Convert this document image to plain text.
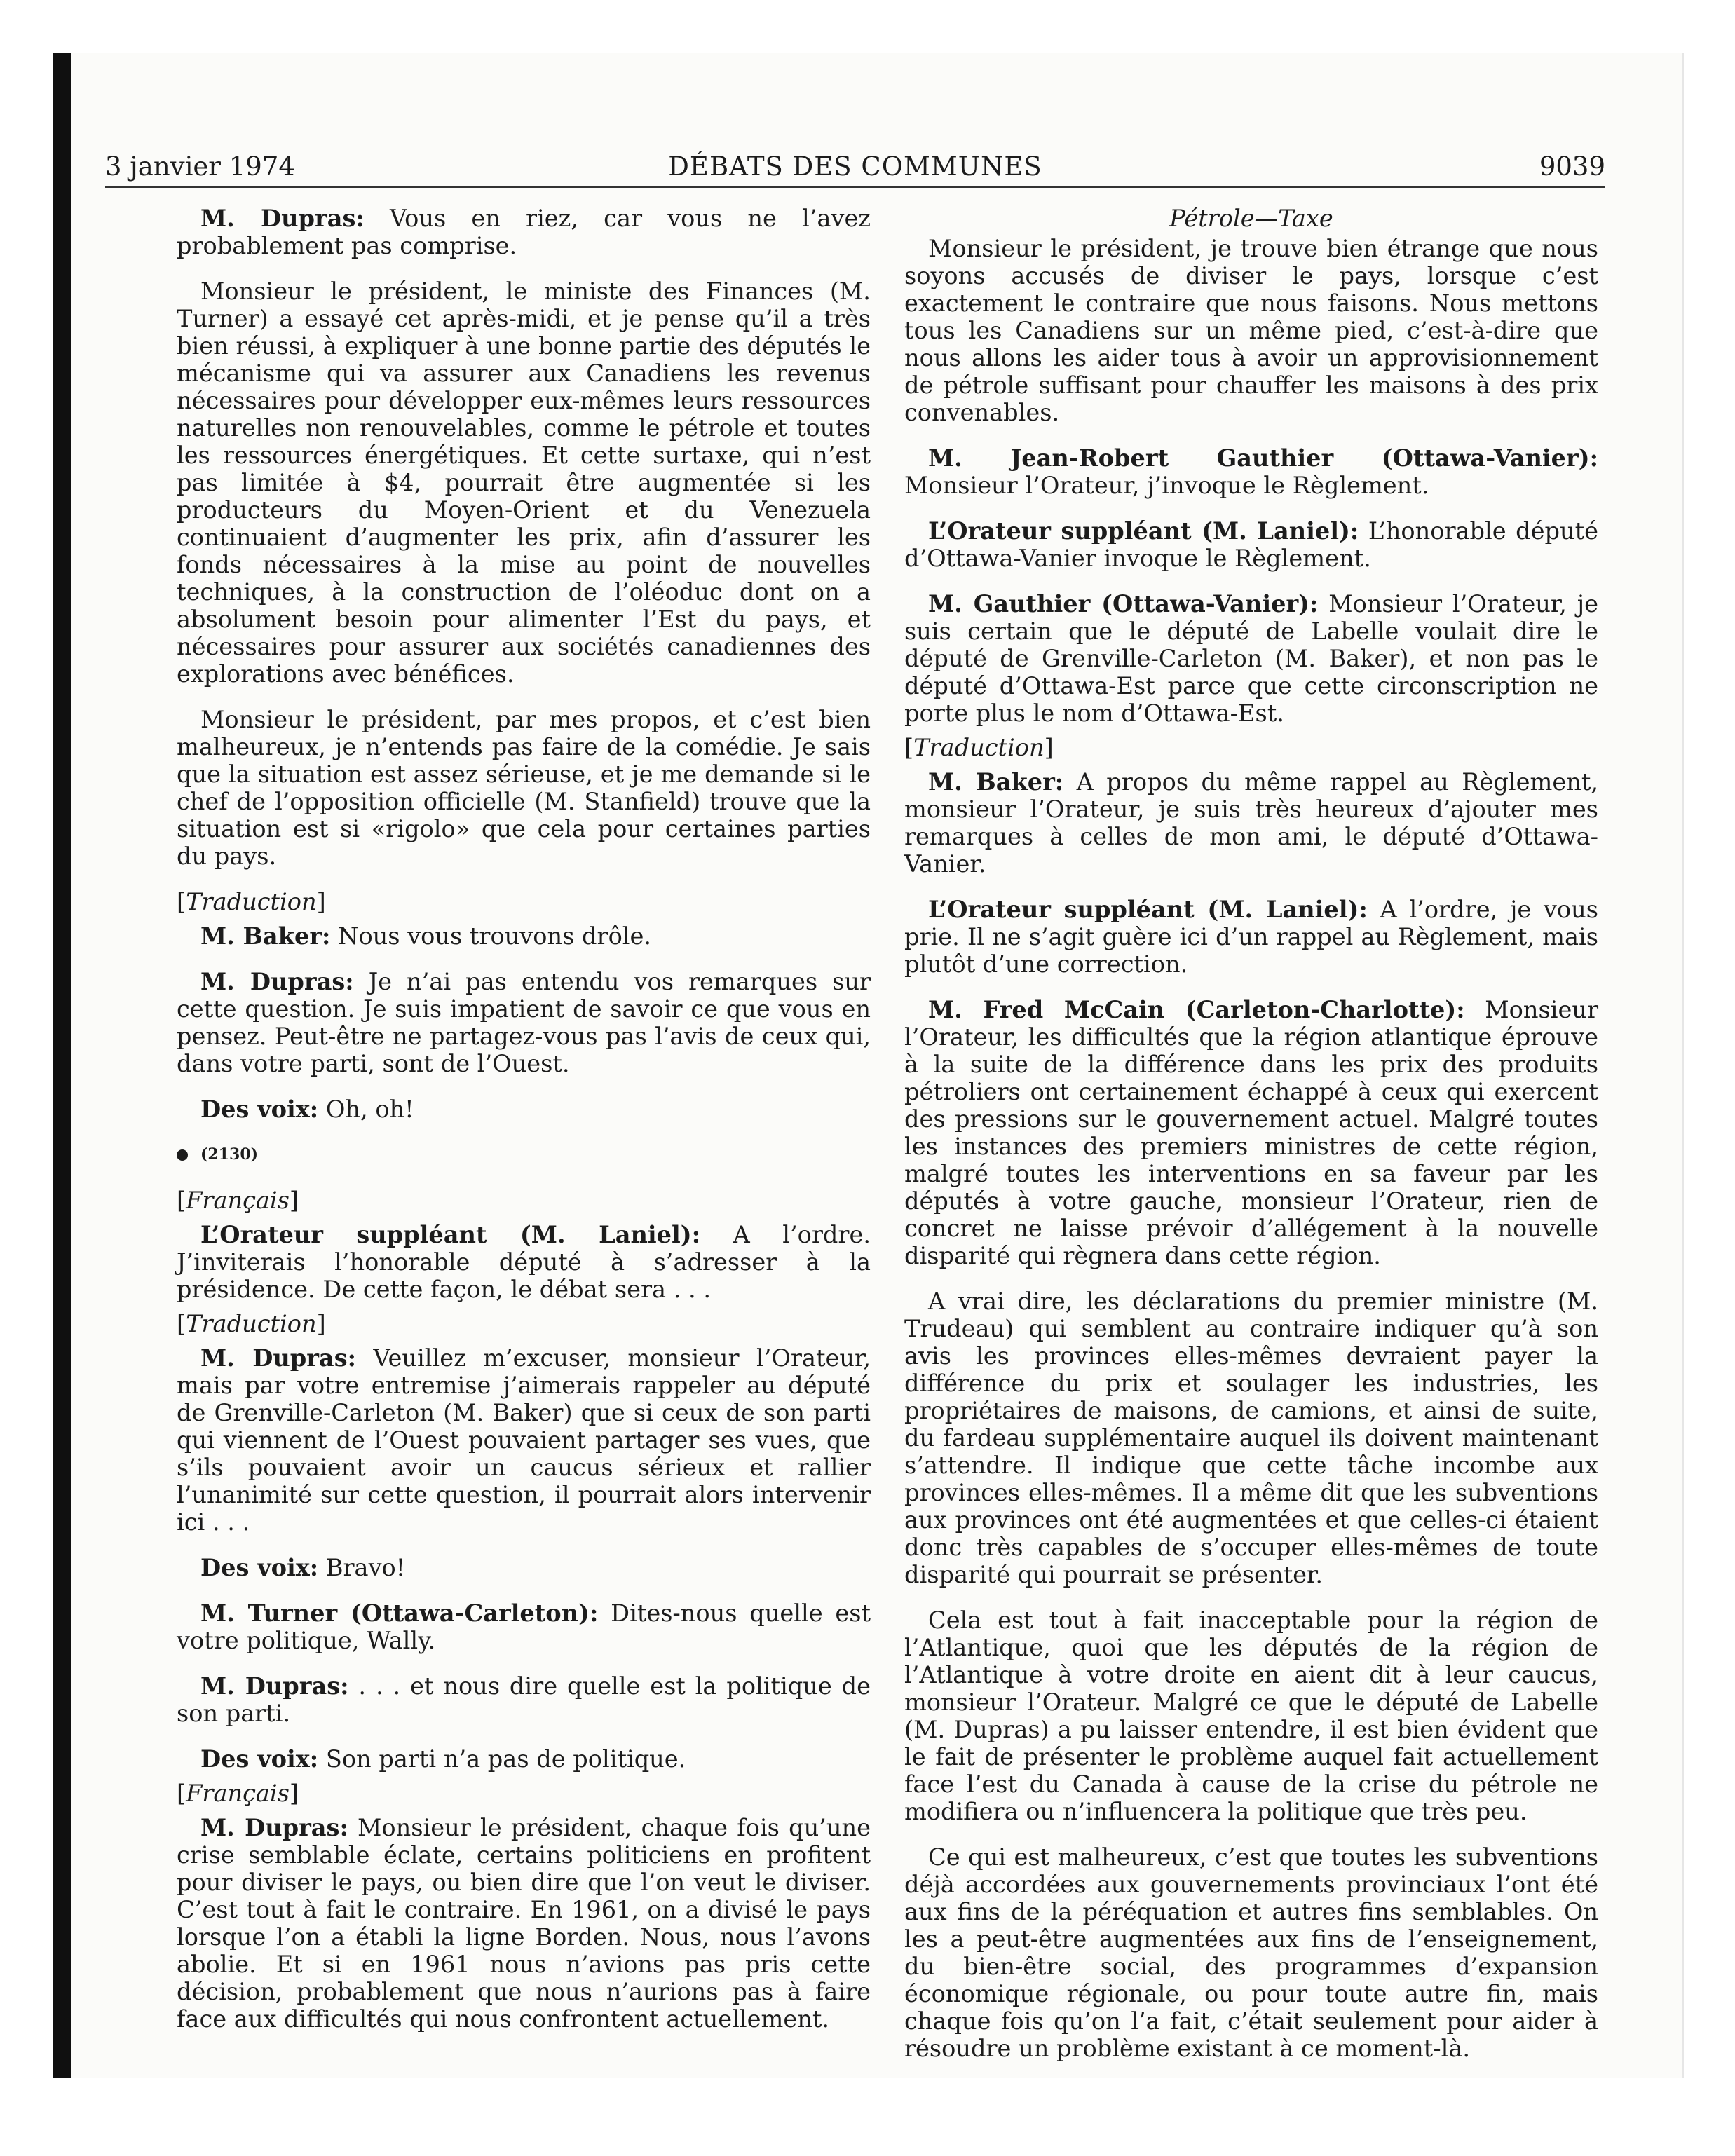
3 janvier 1974	DÉBATS DES COMMUNES	9039

M. Dupras: Vous en riez, car vous ne l’avez probablement pas comprise.

Monsieur le président, le ministe des Finances (M. Turner) a essayé cet après-midi, et je pense qu’il a très bien réussi, à expliquer à une bonne partie des députés le mécanisme qui va assurer aux Canadiens les revenus nécessaires pour développer eux-mêmes leurs ressources naturelles non renouvelables, comme le pétrole et toutes les ressources énergétiques. Et cette surtaxe, qui n’est pas limitée à $4, pourrait être augmentée si les producteurs du Moyen-Orient et du Venezuela continuaient d’augmenter les prix, afin d’assurer les fonds nécessaires à la mise au point de nouvelles techniques, à la construction de l’oléoduc dont on a absolument besoin pour alimenter l’Est du pays, et nécessaires pour assurer aux sociétés canadiennes des explorations avec bénéfices.

Monsieur le président, par mes propos, et c’est bien malheureux, je n’entends pas faire de la comédie. Je sais que la situation est assez sérieuse, et je me demande si le chef de l’opposition officielle (M. Stanfield) trouve que la situation est si «rigolo» que cela pour certaines parties du pays.

[Traduction]

M. Baker: Nous vous trouvons drôle.

M. Dupras: Je n’ai pas entendu vos remarques sur cette question. Je suis impatient de savoir ce que vous en pensez. Peut-être ne partagez-vous pas l’avis de ceux qui, dans votre parti, sont de l’Ouest.

Des voix: Oh, oh!

(2130)

[Français]

L’Orateur suppléant (M. Laniel): A l’ordre. J’inviterais l’honorable député à s’adresser à la présidence. De cette façon, le débat sera . . .

[Traduction]

M. Dupras: Veuillez m’excuser, monsieur l’Orateur, mais par votre entremise j’aimerais rappeler au député de Grenville-Carleton (M. Baker) que si ceux de son parti qui viennent de l’Ouest pouvaient partager ses vues, que s’ils pouvaient avoir un caucus sérieux et rallier l’unanimité sur cette question, il pourrait alors intervenir ici . . .

Des voix: Bravo!

M. Turner (Ottawa-Carleton): Dites-nous quelle est votre politique, Wally.

M. Dupras: . . . et nous dire quelle est la politique de son parti.

Des voix: Son parti n’a pas de politique.

[Français]

M. Dupras: Monsieur le président, chaque fois qu’une crise semblable éclate, certains politiciens en profitent pour diviser le pays, ou bien dire que l’on veut le diviser. C’est tout à fait le contraire. En 1961, on a divisé le pays lorsque l’on a établi la ligne Borden. Nous, nous l’avons abolie. Et si en 1961 nous n’avions pas pris cette décision, probablement que nous n’aurions pas à faire face aux difficultés qui nous confrontent actuellement.

Pétrole—Taxe

Monsieur le président, je trouve bien étrange que nous soyons accusés de diviser le pays, lorsque c’est exactement le contraire que nous faisons. Nous mettons tous les Canadiens sur un même pied, c’est-à-dire que nous allons les aider tous à avoir un approvisionnement de pétrole suffisant pour chauffer les maisons à des prix convenables.

M. Jean-Robert Gauthier (Ottawa-Vanier): Monsieur l’Orateur, j’invoque le Règlement.

L’Orateur suppléant (M. Laniel): L’honorable député d’Ottawa-Vanier invoque le Règlement.

M. Gauthier (Ottawa-Vanier): Monsieur l’Orateur, je suis certain que le député de Labelle voulait dire le député de Grenville-Carleton (M. Baker), et non pas le député d’Ottawa-Est parce que cette circonscription ne porte plus le nom d’Ottawa-Est.

[Traduction]

M. Baker: A propos du même rappel au Règlement, monsieur l’Orateur, je suis très heureux d’ajouter mes remarques à celles de mon ami, le député d’Ottawa-Vanier.

L’Orateur suppléant (M. Laniel): A l’ordre, je vous prie. Il ne s’agit guère ici d’un rappel au Règlement, mais plutôt d’une correction.

M. Fred McCain (Carleton-Charlotte): Monsieur l’Orateur, les difficultés que la région atlantique éprouve à la suite de la différence dans les prix des produits pétroliers ont certainement échappé à ceux qui exercent des pressions sur le gouvernement actuel. Malgré toutes les instances des premiers ministres de cette région, malgré toutes les interventions en sa faveur par les députés à votre gauche, monsieur l’Orateur, rien de concret ne laisse prévoir d’allégement à la nouvelle disparité qui règnera dans cette région.

A vrai dire, les déclarations du premier ministre (M. Trudeau) qui semblent au contraire indiquer qu’à son avis les provinces elles-mêmes devraient payer la différence du prix et soulager les industries, les propriétaires de maisons, de camions, et ainsi de suite, du fardeau supplémentaire auquel ils doivent maintenant s’attendre. Il indique que cette tâche incombe aux provinces elles-mêmes. Il a même dit que les subventions aux provinces ont été augmentées et que celles-ci étaient donc très capables de s’occuper elles-mêmes de toute disparité qui pourrait se présenter.

Cela est tout à fait inacceptable pour la région de l’Atlantique, quoi que les députés de la région de l’Atlantique à votre droite en aient dit à leur caucus, monsieur l’Orateur. Malgré ce que le député de Labelle (M. Dupras) a pu laisser entendre, il est bien évident que le fait de présenter le problème auquel fait actuellement face l’est du Canada à cause de la crise du pétrole ne modifiera ou n’influencera la politique que très peu.

Ce qui est malheureux, c’est que toutes les subventions déjà accordées aux gouvernements provinciaux l’ont été aux fins de la péréquation et autres fins semblables. On les a peut-être augmentées aux fins de l’enseignement, du bien-être social, des programmes d’expansion économique régionale, ou pour toute autre fin, mais chaque fois qu’on l’a fait, c’était seulement pour aider à résoudre un problème existant à ce moment-là.
